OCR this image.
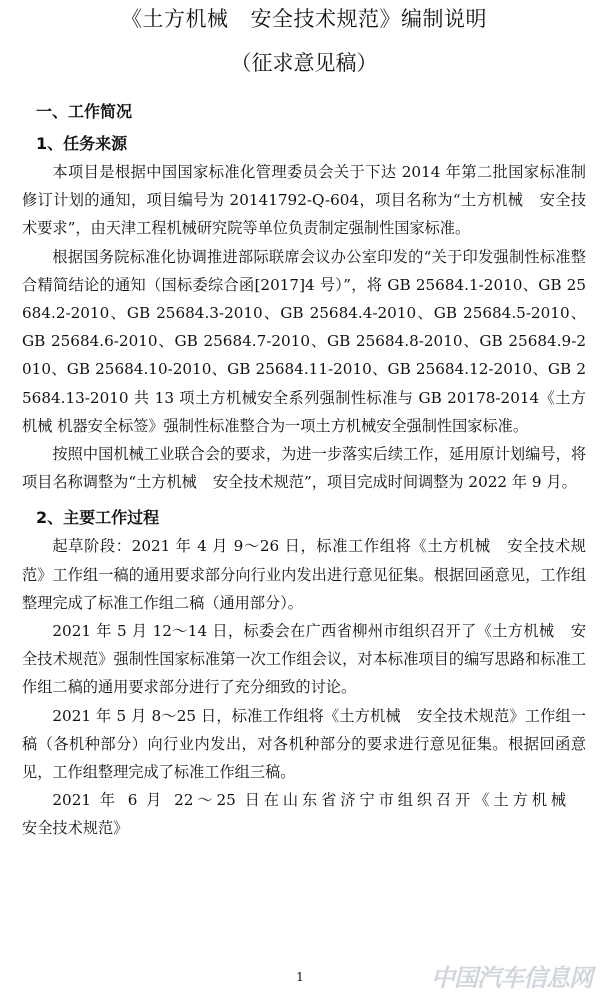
《土方机械 安全技术规范》编制说明
（征求意见稿）
一、工作简况
1、任务来源

本项目是根据中国国家标准化管理委员会关于下达 2014 年第二批国家标准制修订计划的通知，项目编号为 20141792-Q-604，项目名称为“土方机械 安全技术要求”，由天津工程机械研究院等单位负责制定强制性国家标准。

根据国务院标准化协调推进部际联席会议办公室印发的“关于印发强制性标准整合精简结论的通知（国标委综合函[2017]4 号）”，将 GB 25684.1-2010、GB 25684.2-2010、GB 25684.3-2010、GB 25684.4-2010、GB 25684.5-2010、GB 25684.6-2010、GB 25684.7-2010、GB 25684.8-2010、GB 25684.9-2010、GB 25684.10-2010、GB 25684.11-2010、GB 25684.12-2010、GB 25684.13-2010 共 13 项土方机械安全系列强制性标准与 GB 20178-2014《土方机械 机器安全标签》强制性标准整合为一项土方机械安全强制性国家标准。

按照中国机械工业联合会的要求，为进一步落实后续工作，延用原计划编号，将项目名称调整为“土方机械 安全技术规范”，项目完成时间调整为 2022 年 9 月。

2、主要工作过程

起草阶段：2021 年 4 月 9～26 日，标准工作组将《土方机械 安全技术规范》工作组一稿的通用要求部分向行业内发出进行意见征集。根据回函意见，工作组整理完成了标准工作组二稿（通用部分）。

2021 年 5 月 12～14 日，标委会在广西省柳州市组织召开了《土方机械 安全技术规范》强制性国家标准第一次工作组会议，对本标准项目的编写思路和标准工作组二稿的通用要求部分进行了充分细致的讨论。

2021 年 5 月 8～25 日，标准工作组将《土方机械 安全技术规范》工作组一稿（各机种部分）向行业内发出，对各机种部分的要求进行意见征集。根据回函意见，工作组整理完成了标准工作组三稿。

2021 年 6 月 22～25 日在山东省济宁市组织召开《土方机械安全技术规范》

1	中国汽车信息网
